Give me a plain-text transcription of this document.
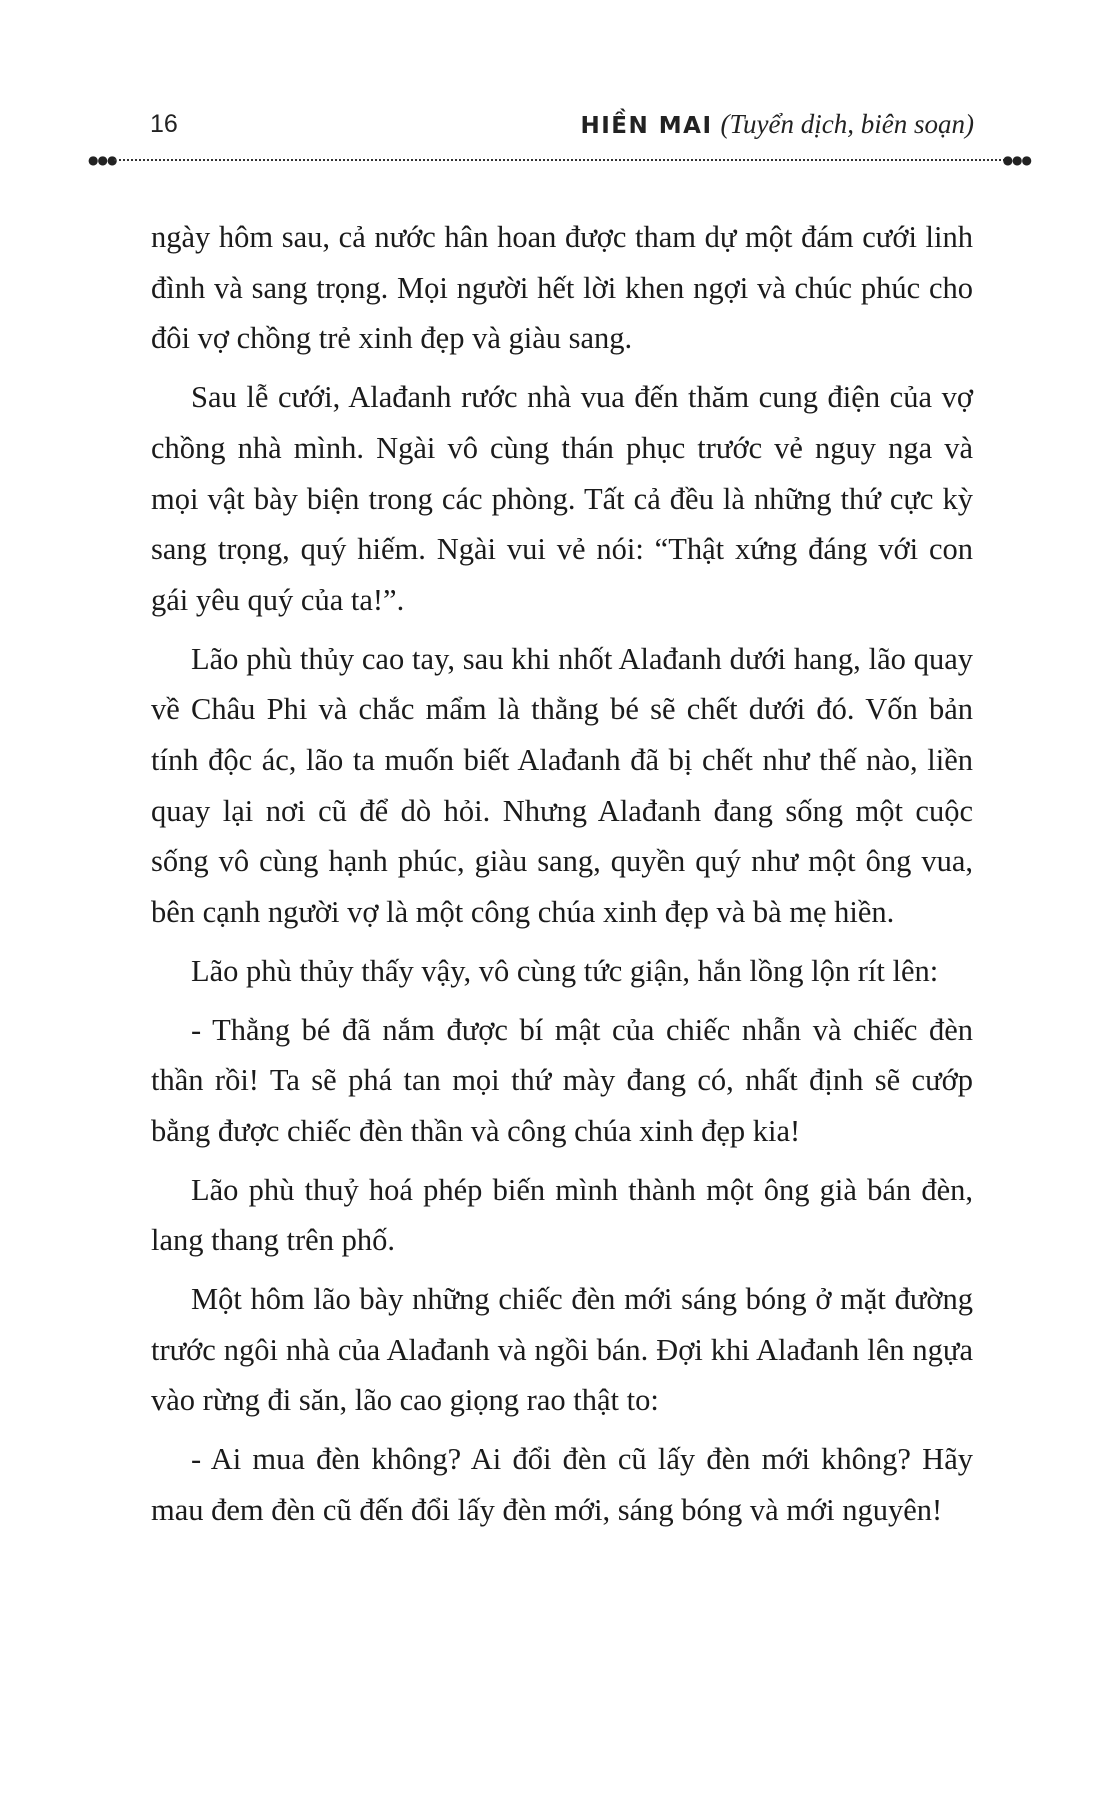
16	HIỀN MAI (Tuyển dịch, biên soạn)
●●●	●●●

ngày hôm sau, cả nước hân hoan được tham dự một đám cưới linh đình và sang trọng. Mọi người hết lời khen ngợi và chúc phúc cho đôi vợ chồng trẻ xinh đẹp và giàu sang.

Sau lễ cưới, Alađanh rước nhà vua đến thăm cung điện của vợ chồng nhà mình. Ngài vô cùng thán phục trước vẻ nguy nga và mọi vật bày biện trong các phòng. Tất cả đều là những thứ cực kỳ sang trọng, quý hiếm. Ngài vui vẻ nói: “Thật xứng đáng với con gái yêu quý của ta!”.

Lão phù thủy cao tay, sau khi nhốt Alađanh dưới hang, lão quay về Châu Phi và chắc mẩm là thằng bé sẽ chết dưới đó. Vốn bản tính độc ác, lão ta muốn biết Alađanh đã bị chết như thế nào, liền quay lại nơi cũ để dò hỏi. Nhưng Alađanh đang sống một cuộc sống vô cùng hạnh phúc, giàu sang, quyền quý như một ông vua, bên cạnh người vợ là một công chúa xinh đẹp và bà mẹ hiền.

Lão phù thủy thấy vậy, vô cùng tức giận, hắn lồng lộn rít lên:

- Thằng bé đã nắm được bí mật của chiếc nhẫn và chiếc đèn thần rồi! Ta sẽ phá tan mọi thứ mày đang có, nhất định sẽ cướp bằng được chiếc đèn thần và công chúa xinh đẹp kia!

Lão phù thuỷ hoá phép biến mình thành một ông già bán đèn, lang thang trên phố.

Một hôm lão bày những chiếc đèn mới sáng bóng ở mặt đường trước ngôi nhà của Alađanh và ngồi bán. Đợi khi Alađanh lên ngựa vào rừng đi săn, lão cao giọng rao thật to:

- Ai mua đèn không? Ai đổi đèn cũ lấy đèn mới không? Hãy mau đem đèn cũ đến đổi lấy đèn mới, sáng bóng và mới nguyên!
